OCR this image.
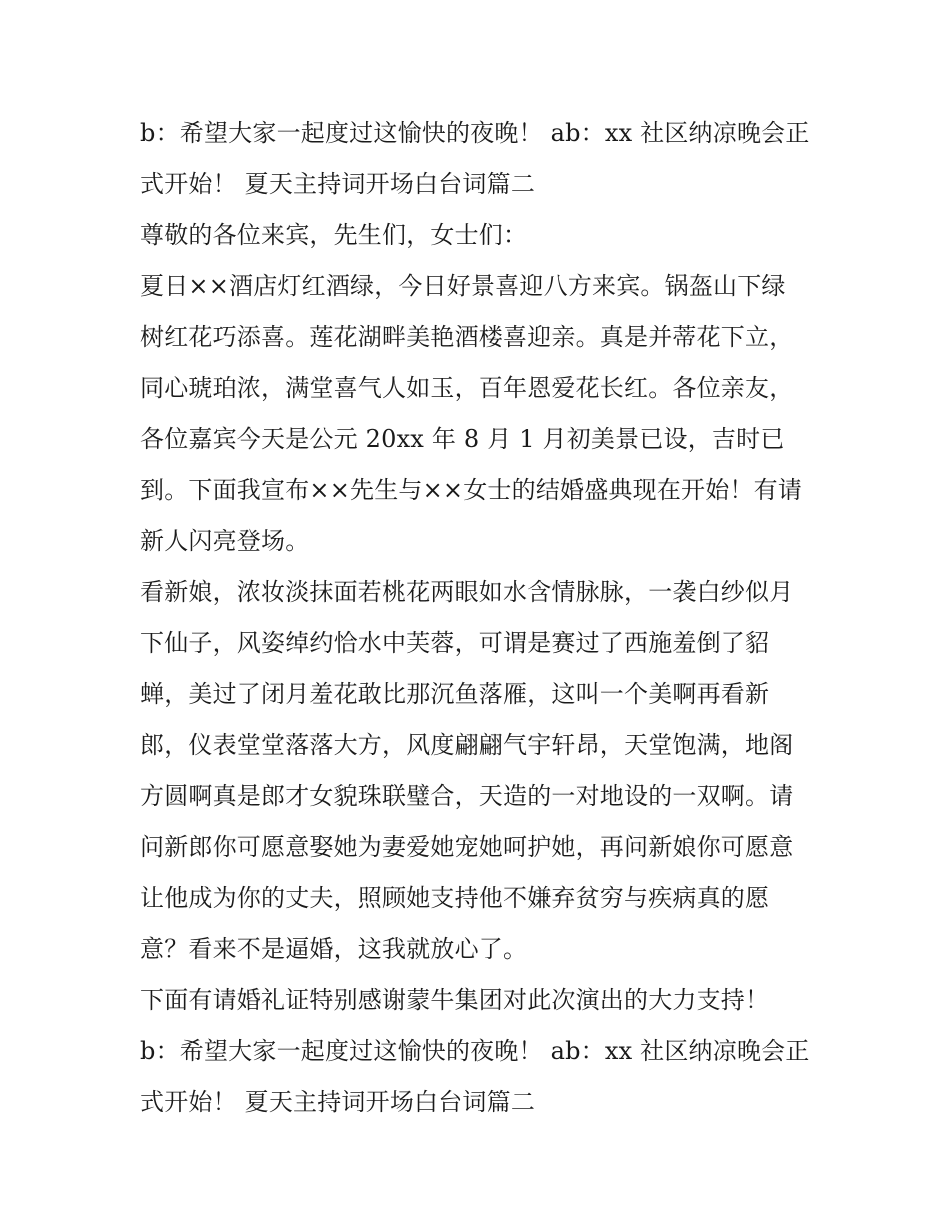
b：希望大家一起度过这愉快的夜晚！ ab：xx 社区纳凉晚会正
式开始！ 夏天主持词开场白台词篇二

尊敬的各位来宾，先生们，女士们：

夏日××酒店灯红酒绿，今日好景喜迎八方来宾。锅盔山下绿
树红花巧添喜。莲花湖畔美艳酒楼喜迎亲。真是并蒂花下立，
同心琥珀浓，满堂喜气人如玉，百年恩爱花长红。各位亲友，
各位嘉宾今天是公元 20xx 年 8 月 1 月初美景已设，吉时已
到。下面我宣布××先生与××女士的结婚盛典现在开始！有请
新人闪亮登场。

看新娘，浓妆淡抹面若桃花两眼如水含情脉脉，一袭白纱似月
下仙子，风姿绰约恰水中芙蓉，可谓是赛过了西施羞倒了貂
蝉，美过了闭月羞花敢比那沉鱼落雁，这叫一个美啊再看新
郎，仪表堂堂落落大方，风度翩翩气宇轩昂，天堂饱满，地阁
方圆啊真是郎才女貌珠联璧合，天造的一对地设的一双啊。请
问新郎你可愿意娶她为妻爱她宠她呵护她，再问新娘你可愿意
让他成为你的丈夫，照顾她支持他不嫌弃贫穷与疾病真的愿
意？看来不是逼婚，这我就放心了。

下面有请婚礼证特别感谢蒙牛集团对此次演出的大力支持！

b：希望大家一起度过这愉快的夜晚！ ab：xx 社区纳凉晚会正
式开始！ 夏天主持词开场白台词篇二
